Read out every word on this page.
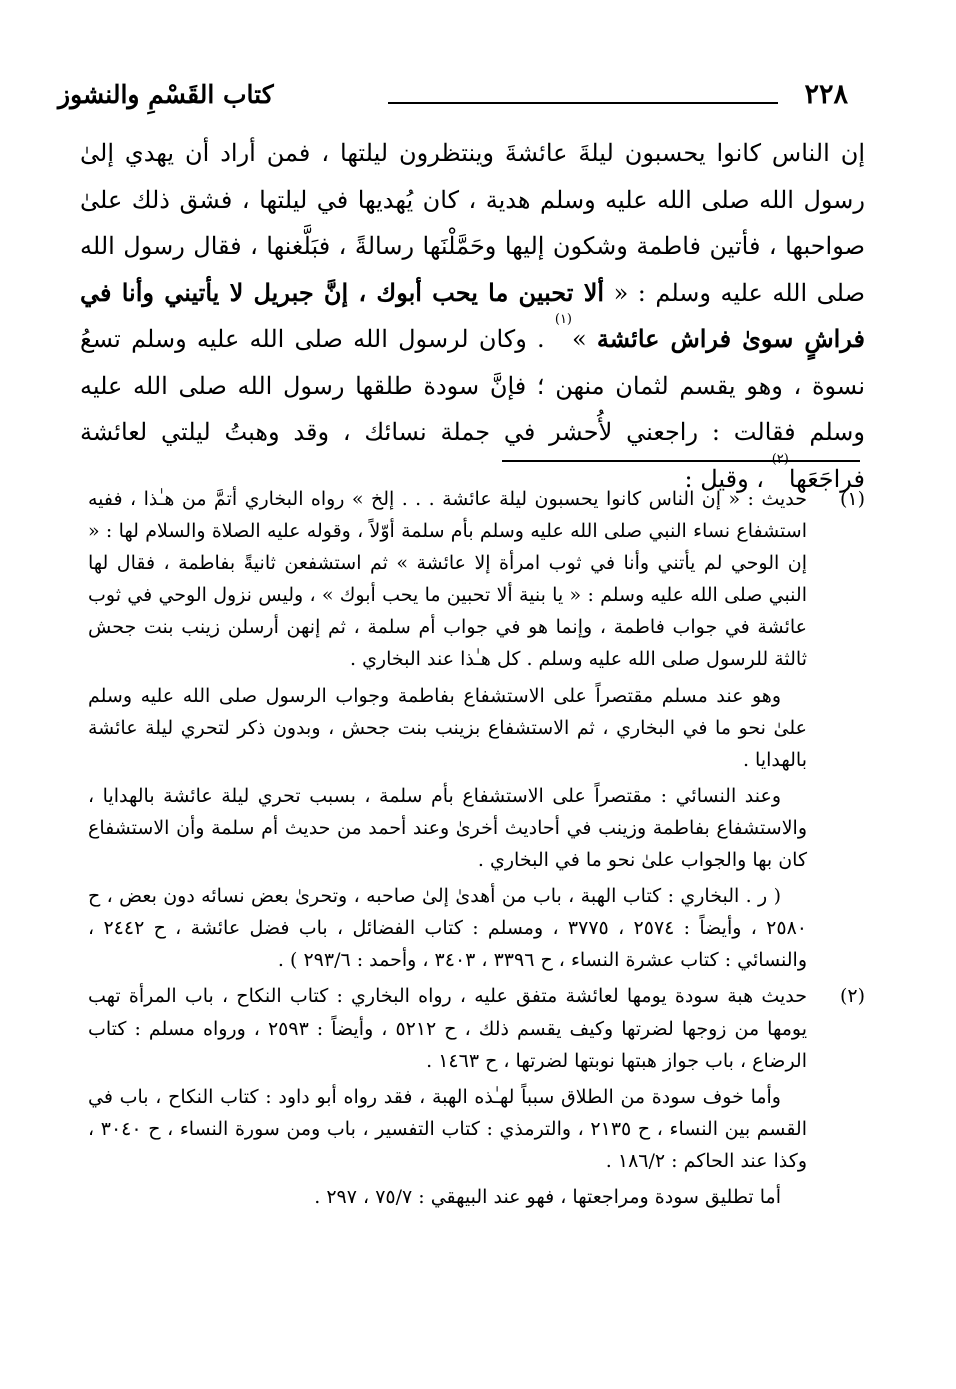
٢٢٨
كتاب القَسْمِ والنشوز

إن الناس كانوا يحسبون ليلةَ عائشةَ وينتظرون ليلتها ، فمن أراد أن يهدي إلىٰ رسول الله صلى الله عليه وسلم هدية ، كان يُهديها في ليلتها ، فشق ذلك علىٰ صواحبها ، فأتين فاطمة وشكون إليها وحَمَّلْنَها رسالةً ، فبَلَّغنها ، فقال رسول الله صلى الله عليه وسلم : « ألا تحبين ما يحب أبوك ، إنَّ جبريل لا يأتيني وأنا في فراشٍ سوىٰ فراش عائشة »$^{(١)}$ . وكان لرسول الله صلى الله عليه وسلم تسعُ نسوة ، وهو يقسم لثمان منهن ؛ فإنَّ سودة طلقها رسول الله صلى الله عليه وسلم فقالت : راجعني لأُحشر في جملة نسائك ، وقد وهبتُ ليلتي لعائشة فراجَعَها$^{(٢)}$ ، وقيل :

(١)

حديث : « إن الناس كانوا يحسبون ليلة عائشة . . . إلخ » رواه البخاري أتمَّ من هـٰذا ، ففيه استشفاع نساء النبي صلى الله عليه وسلم بأم سلمة أوّلاً ، وقوله عليه الصلاة والسلام لها : « إن الوحي لم يأتني وأنا في ثوب امرأة إلا عائشة » ثم استشفعن ثانيةً بفاطمة ، فقال لها النبي صلى الله عليه وسلم : « يا بنية ألا تحبين ما يحب أبوك » ، وليس نزول الوحي في ثوب عائشة في جواب فاطمة ، وإنما هو في جواب أم سلمة ، ثم إنهن أرسلن زينب بنت جحش ثالثة للرسول صلى الله عليه وسلم . كل هـٰذا عند البخاري .

وهو عند مسلم مقتصراً على الاستشفاع بفاطمة وجواب الرسول صلى الله عليه وسلم علىٰ نحو ما في البخاري ، ثم الاستشفاع بزينب بنت جحش ، وبدون ذكر لتحري ليلة عائشة بالهدايا .

وعند النسائي : مقتصراً على الاستشفاع بأم سلمة ، بسبب تحري ليلة عائشة بالهدايا ، والاستشفاع بفاطمة وزينب في أحاديث أخرىٰ وعند أحمد من حديث أم سلمة وأن الاستشفاع كان بها والجواب علىٰ نحو ما في البخاري .

( ر . البخاري : كتاب الهبة ، باب من أهدىٰ إلىٰ صاحبه ، وتحرىٰ بعض نسائه دون بعض ، ح ٢٥٨٠ ، وأيضاً : ٢٥٧٤ ، ٣٧٧٥ ، ومسلم : كتاب الفضائل ، باب فضل عائشة ، ح ٢٤٤٢ ، والنسائي : كتاب عشرة النساء ، ح ٣٣٩٦ ، ٣٤٠٣ ، وأحمد : ٢٩٣/٦ ) .

(٢)

حديث هبة سودة يومها لعائشة متفق عليه ، رواه البخاري : كتاب النكاح ، باب المرأة تهب يومها من زوجها لضرتها وكيف يقسم ذلك ، ح ٥٢١٢ ، وأيضاً : ٢٥٩٣ ، ورواه مسلم : كتاب الرضاع ، باب جواز هبتها نوبتها لضرتها ، ح ١٤٦٣ .

وأما خوف سودة من الطلاق سبباً لهـٰذه الهبة ، فقد رواه أبو داود : كتاب النكاح ، باب في القسم بين النساء ، ح ٢١٣٥ ، والترمذي : كتاب التفسير ، باب ومن سورة النساء ، ح ٣٠٤٠ ، وكذا عند الحاكم : ١٨٦/٢ .

أما تطليق سودة ومراجعتها ، فهو عند البيهقي : ٧٥/٧ ، ٢٩٧ .
